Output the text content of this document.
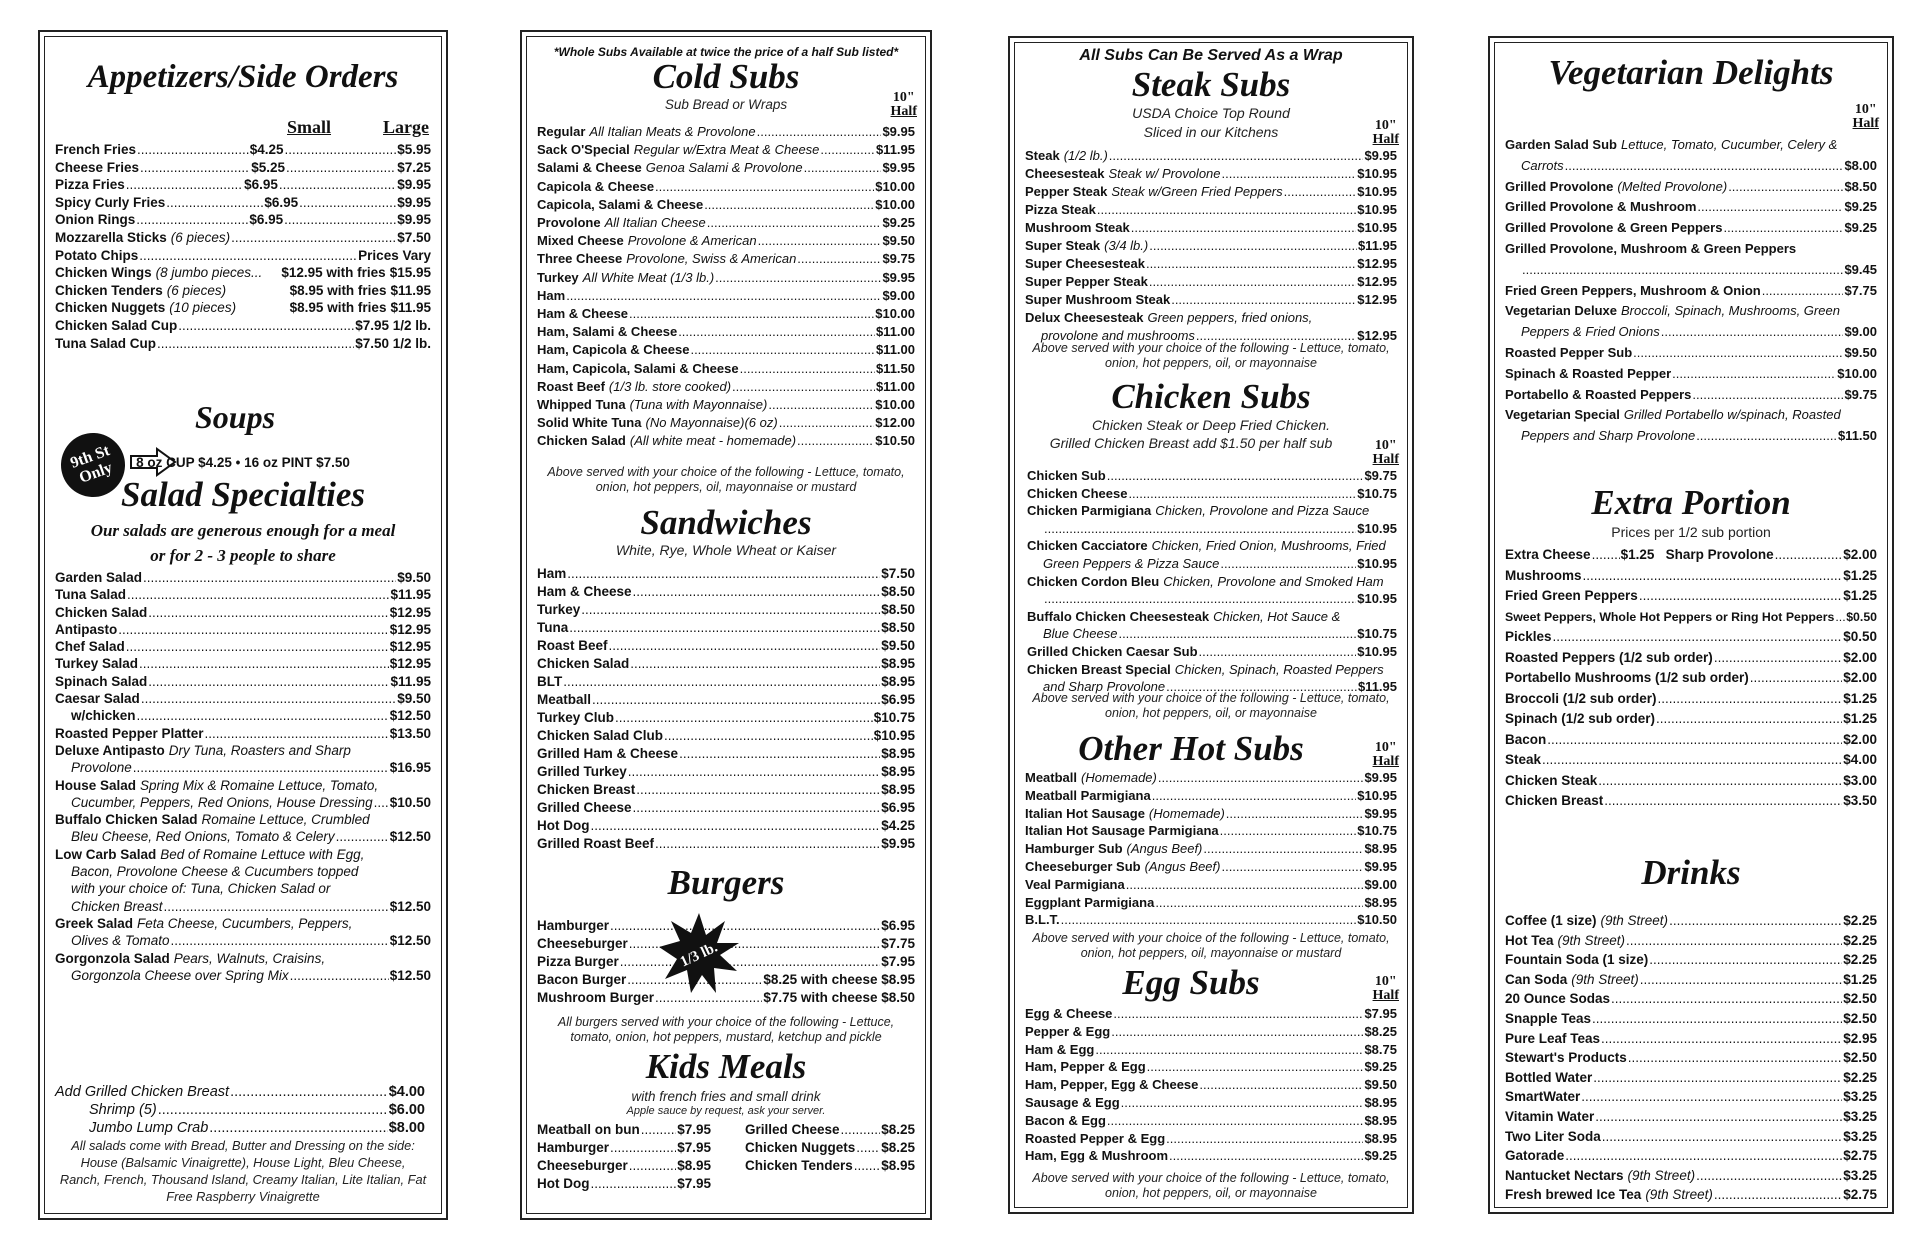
Appetizers/Side Orders
Small	Large
French Fries .....	$4.25 .....	$5.95
Cheese Fries .....	$5.25 .....	$7.25
Pizza Fries .....	$6.95 .....	$9.95
Spicy Curly Fries .....	$6.95 .....	$9.95
Onion Rings .....	$6.95 .....	$9.95
Mozzarella Sticks (6 pieces) .....	$7.50
Potato Chips .....	Prices Vary
Chicken Wings (8 jumbo pieces...	$12.95 with fries $15.95
Chicken Tenders (6 pieces)	$8.95 with fries $11.95
Chicken Nuggets (10 pieces)	$8.95 with fries $11.95
Chicken Salad Cup .....	$7.95 1/2 lb.
Tuna Salad Cup .....	$7.50 1/2 lb.
9th St Only
Soups
8 oz CUP $4.25 • 16 oz PINT $7.50
Salad Specialties
Our salads are generous enough for a meal or for 2 - 3 people to share
Garden Salad .....	$9.50
Tuna Salad .....	$11.95
Chicken Salad .....	$12.95
Antipasto .....	$12.95
Chef Salad .....	$12.95
Turkey Salad .....	$12.95
Spinach Salad .....	$11.95
Caesar Salad .....	$9.50
w/chicken .....	$12.50
Roasted Pepper Platter .....	$13.50
Deluxe Antipasto Dry Tuna, Roasters and Sharp
Provolone .....	$16.95
House Salad Spring Mix & Romaine Lettuce, Tomato,
Cucumber, Peppers, Red Onions, House Dressing ..... $10.50
Buffalo Chicken Salad Romaine Lettuce, Crumbled
Bleu Cheese, Red Onions, Tomato & Celery .....	$12.50
Low Carb Salad Bed of Romaine Lettuce with Egg,
Bacon, Provolone Cheese & Cucumbers topped
with your choice of: Tuna, Chicken Salad or
Chicken Breast .....	$12.50
Greek Salad Feta Cheese, Cucumbers, Peppers,
Olives & Tomato .....	$12.50
Gorgonzola Salad Pears, Walnuts, Craisins,
Gorgonzola Cheese over Spring Mix .....	$12.50
Add Grilled Chicken Breast .....	$4.00
Shrimp (5) .....	$6.00
Jumbo Lump Crab .....	$8.00
All salads come with Bread, Butter and Dressing on the side: House (Balsamic Vinaigrette), House Light, Bleu Cheese, Ranch, French, Thousand Island, Creamy Italian, Lite Italian, Fat Free Raspberry Vinaigrette
*Whole Subs Available at twice the price of a half Sub listed*
Cold Subs
Sub Bread or Wraps	10"
Half
Regular All Italian Meats & Provolone .....	$9.95
Sack O'Special Regular w/Extra Meat & Cheese .....	$11.95
Salami & Cheese Genoa Salami & Provolone .....	$9.95
Capicola & Cheese .....	$10.00
Capicola, Salami & Cheese .....	$10.00
Provolone All Italian Cheese .....	$9.25
Mixed Cheese Provolone & American .....	$9.50
Three Cheese Provolone, Swiss & American .....	$9.75
Turkey All White Meat (1/3 lb.) .....	$9.95
Ham .....	$9.00
Ham & Cheese .....	$10.00
Ham, Salami & Cheese .....	$11.00
Ham, Capicola & Cheese .....	$11.00
Ham, Capicola, Salami & Cheese .....	$11.50
Roast Beef (1/3 lb. store cooked) .....	$11.00
Whipped Tuna (Tuna with Mayonnaise) .....	$10.00
Solid White Tuna (No Mayonnaise)(6 oz) .....	$12.00
Chicken Salad (All white meat - homemade) .....	$10.50
Above served with your choice of the following - Lettuce, tomato, onion, hot peppers, oil, mayonnaise or mustard
Sandwiches
White, Rye, Whole Wheat or Kaiser
Ham .....	$7.50
Ham & Cheese .....	$8.50
Turkey .....	$8.50
Tuna .....	$8.50
Roast Beef .....	$9.50
Chicken Salad .....	$8.95
BLT .....	$8.95
Meatball .....	$6.95
Turkey Club .....	$10.75
Chicken Salad Club .....	$10.95
Grilled Ham & Cheese .....	$8.95
Grilled Turkey .....	$8.95
Chicken Breast .....	$8.95
Grilled Cheese .....	$6.95
Hot Dog .....	$4.25
Grilled Roast Beef .....	$9.95
Burgers
Hamburger .....	$6.95
Cheeseburger .....	$7.75
Pizza Burger .....	$7.95
Bacon Burger .....	$8.25 with cheese $8.95
Mushroom Burger .....	$7.75 with cheese $8.50
1/3 lb.
All burgers served with your choice of the following - Lettuce, tomato, onion, hot peppers, mustard, ketchup and pickle
Kids Meals
with french fries and small drink
Apple sauce by request, ask your server.
Meatball on bun .....	$7.95
Hamburger .....	$7.95
Cheeseburger .....	$8.95
Hot Dog .....	$7.95
Grilled Cheese .....	$8.25
Chicken Nuggets ..... $8.25
Chicken Tenders ..... $8.95
All Subs Can Be Served As a Wrap
Steak Subs
USDA Choice Top Round
Sliced in our Kitchens	10"
Half
Steak (1/2 lb.) .....	$9.95
Cheesesteak Steak w/ Provolone .....	$10.95
Pepper Steak Steak w/Green Fried Peppers .....	$10.95
Pizza Steak .....	$10.95
Mushroom Steak .....	$10.95
Super Steak (3/4 lb.) .....	$11.95
Super Cheesesteak .....	$12.95
Super Pepper Steak .....	$12.95
Super Mushroom Steak .....	$12.95
Delux Cheesesteak Green peppers, fried onions,
provolone and mushrooms .....	$12.95
Above served with your choice of the following - Lettuce, tomato, onion, hot peppers, oil, or mayonnaise
Chicken Subs
Chicken Steak or Deep Fried Chicken.
Grilled Chicken Breast add $1.50 per half sub	10"
Half
Chicken Sub .....	$9.75
Chicken Cheese .....	$10.75
Chicken Parmigiana Chicken, Provolone and Pizza Sauce
.....
$10.95
Chicken Cacciatore Chicken, Fried Onion, Mushrooms, Fried
Green Peppers & Pizza Sauce .....	$10.95
Chicken Cordon Bleu Chicken, Provolone and Smoked Ham
.....
$10.95
Buffalo Chicken Cheesesteak Chicken, Hot Sauce &
Blue Cheese .....	$10.75
Grilled Chicken Caesar Sub .....	$10.95
Chicken Breast Special Chicken, Spinach, Roasted Peppers
and Sharp Provolone .....	$11.95
Above served with your choice of the following - Lettuce, tomato, onion, hot peppers, oil, or mayonnaise
Other Hot Subs	10"
Half
Meatball (Homemade) .....	$9.95
Meatball Parmigiana .....	$10.95
Italian Hot Sausage (Homemade) .....	$9.95
Italian Hot Sausage Parmigiana .....	$10.75
Hamburger Sub (Angus Beef) .....	$8.95
Cheeseburger Sub (Angus Beef) .....	$9.95
Veal Parmigiana .....	$9.00
Eggplant Parmigiana .....	$8.95
B.L.T. .....	$10.50
Above served with your choice of the following - Lettuce, tomato, onion, hot peppers, oil, mayonnaise or mustard
Egg Subs	10"
Half
Egg & Cheese .....	$7.95
Pepper & Egg .....	$8.25
Ham & Egg .....	$8.75
Ham, Pepper & Egg .....	$9.25
Ham, Pepper, Egg & Cheese .....	$9.50
Sausage & Egg .....	$8.95
Bacon & Egg .....	$8.95
Roasted Pepper & Egg .....	$8.95
Ham, Egg & Mushroom .....	$9.25
Above served with your choice of the following - Lettuce, tomato, onion, hot peppers, oil, or mayonnaise
Vegetarian Delights
10"
Half
Garden Salad Sub Lettuce, Tomato, Cucumber, Celery &
Carrots .....	$8.00
Grilled Provolone (Melted Provolone) .....	$8.50
Grilled Provolone & Mushroom .....	$9.25
Grilled Provolone & Green Peppers .....	$9.25
Grilled Provolone, Mushroom & Green Peppers
.....
$9.45
Fried Green Peppers, Mushroom & Onion .....	$7.75
Vegetarian Deluxe Broccoli, Spinach, Mushrooms, Green
Peppers & Fried Onions .....	$9.00
Roasted Pepper Sub .....	$9.50
Spinach & Roasted Pepper .....	$10.00
Portabello & Roasted Peppers .....	$9.75
Vegetarian Special Grilled Portabello w/spinach, Roasted
Peppers and Sharp Provolone .....	$11.50
Extra Portion
Prices per 1/2 sub portion
Extra Cheese ..... $1.25   Sharp Provolone .....	$2.00
Mushrooms .....	$1.25
Fried Green Peppers .....	$1.25
Sweet Peppers, Whole Hot Peppers or Ring Hot Peppers ..... $0.50
Pickles .....	$0.50
Roasted Peppers (1/2 sub order) .....	$2.00
Portabello Mushrooms (1/2 sub order) .....	$2.00
Broccoli (1/2 sub order) .....	$1.25
Spinach (1/2 sub order) .....	$1.25
Bacon .....	$2.00
Steak .....	$4.00
Chicken Steak .....	$3.00
Chicken Breast .....	$3.50
Drinks
Coffee (1 size) (9th Street) .....	$2.25
Hot Tea (9th Street) .....	$2.25
Fountain Soda (1 size) .....	$2.25
Can Soda (9th Street) .....	$1.25
20 Ounce Sodas .....	$2.50
Snapple Teas .....	$2.50
Pure Leaf Teas .....	$2.95
Stewart's Products .....	$2.50
Bottled Water .....	$2.25
SmartWater .....	$3.25
Vitamin Water .....	$3.25
Two Liter Soda .....	$3.25
Gatorade .....	$2.75
Nantucket Nectars (9th Street) .....	$3.25
Fresh brewed Ice Tea (9th Street) .....	$2.75
